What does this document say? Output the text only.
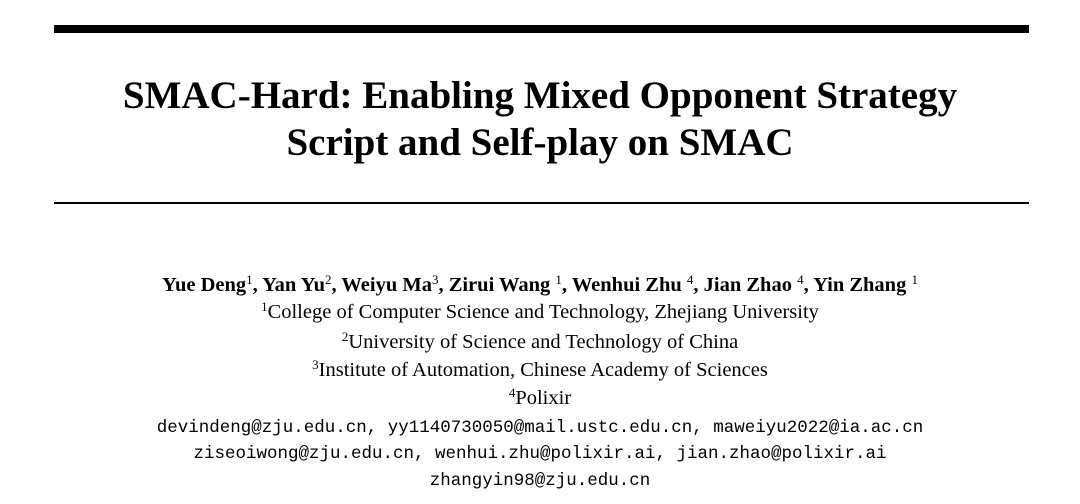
SMAC-Hard: Enabling Mixed Opponent Strategy
Script and Self-play on SMAC
Yue Deng$^1$, Yan Yu$^2$, Weiyu Ma$^3$, Zirui Wang $^1$, Wenhui Zhu $^4$, Jian Zhao $^4$, Yin Zhang $^1$
$^1$College of Computer Science and Technology, Zhejiang University
$^2$University of Science and Technology of China
$^3$Institute of Automation, Chinese Academy of Sciences
$^4$Polixir
devindeng@zju.edu.cn, yy1140730050@mail.ustc.edu.cn, maweiyu2022@ia.ac.cn
ziseoiwong@zju.edu.cn, wenhui.zhu@polixir.ai, jian.zhao@polixir.ai
zhangyin98@zju.edu.cn
